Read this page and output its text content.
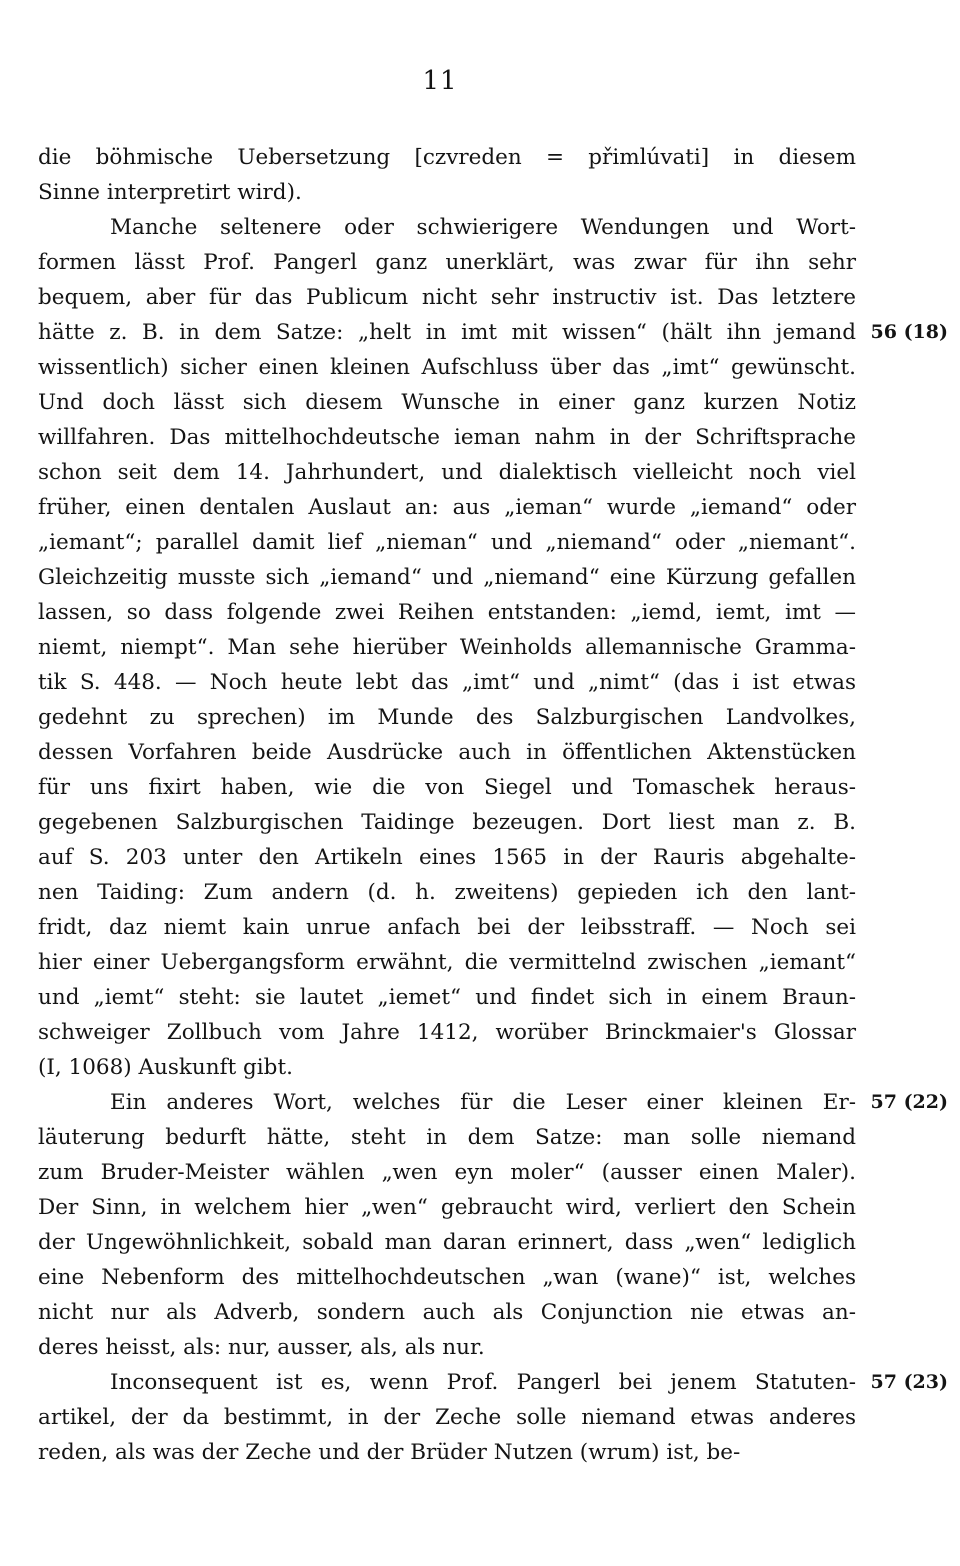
11
die böhmische Uebersetzung [czvreden = přimlúvati] in diesem
Sinne interpretirt wird).
Manche seltenere oder schwierigere Wendungen und Wort-
formen lässt Prof. Pangerl ganz unerklärt, was zwar für ihn sehr
bequem, aber für das Publicum nicht sehr instructiv ist. Das letztere
hätte z. B. in dem Satze: „helt in imt mit wissen“ (hält ihn jemand
wissentlich) sicher einen kleinen Aufschluss über das „imt“ gewünscht.
Und doch lässt sich diesem Wunsche in einer ganz kurzen Notiz
willfahren. Das mittelhochdeutsche ieman nahm in der Schriftsprache
schon seit dem 14. Jahrhundert, und dialektisch vielleicht noch viel
früher, einen dentalen Auslaut an: aus „ieman“ wurde „iemand“ oder
„iemant“; parallel damit lief „nieman“ und „niemand“ oder „niemant“.
Gleichzeitig musste sich „iemand“ und „niemand“ eine Kürzung gefallen
lassen, so dass folgende zwei Reihen entstanden: „iemd, iemt, imt —
niemt, niempt“. Man sehe hierüber Weinholds allemannische Gramma-
tik S. 448. — Noch heute lebt das „imt“ und „nimt“ (das i ist etwas
gedehnt zu sprechen) im Munde des Salzburgischen Landvolkes,
dessen Vorfahren beide Ausdrücke auch in öffentlichen Aktenstücken
für uns fixirt haben, wie die von Siegel und Tomaschek heraus-
gegebenen Salzburgischen Taidinge bezeugen. Dort liest man z. B.
auf S. 203 unter den Artikeln eines 1565 in der Rauris abgehalte-
nen Taiding: Zum andern (d. h. zweitens) gepieden ich den lant-
fridt, daz niemt kain unrue anfach bei der leibsstraff. — Noch sei
hier einer Uebergangsform erwähnt, die vermittelnd zwischen „iemant“
und „iemt“ steht: sie lautet „iemet“ und findet sich in einem Braun-
schweiger Zollbuch vom Jahre 1412, worüber Brinckmaier's Glossar
(I, 1068) Auskunft gibt.
Ein anderes Wort, welches für die Leser einer kleinen Er-
läuterung bedurft hätte, steht in dem Satze: man solle niemand
zum Bruder-Meister wählen „wen eyn moler“ (ausser einen Maler).
Der Sinn, in welchem hier „wen“ gebraucht wird, verliert den Schein
der Ungewöhnlichkeit, sobald man daran erinnert, dass „wen“ lediglich
eine Nebenform des mittelhochdeutschen „wan (wane)“ ist, welches
nicht nur als Adverb, sondern auch als Conjunction nie etwas an-
deres heisst, als: nur, ausser, als, als nur.
Inconsequent ist es, wenn Prof. Pangerl bei jenem Statuten-
artikel, der da bestimmt, in der Zeche solle niemand etwas anderes
reden, als was der Zeche und der Brüder Nutzen (wrum) ist, be-
56 (18)
57 (22)
57 (23)
